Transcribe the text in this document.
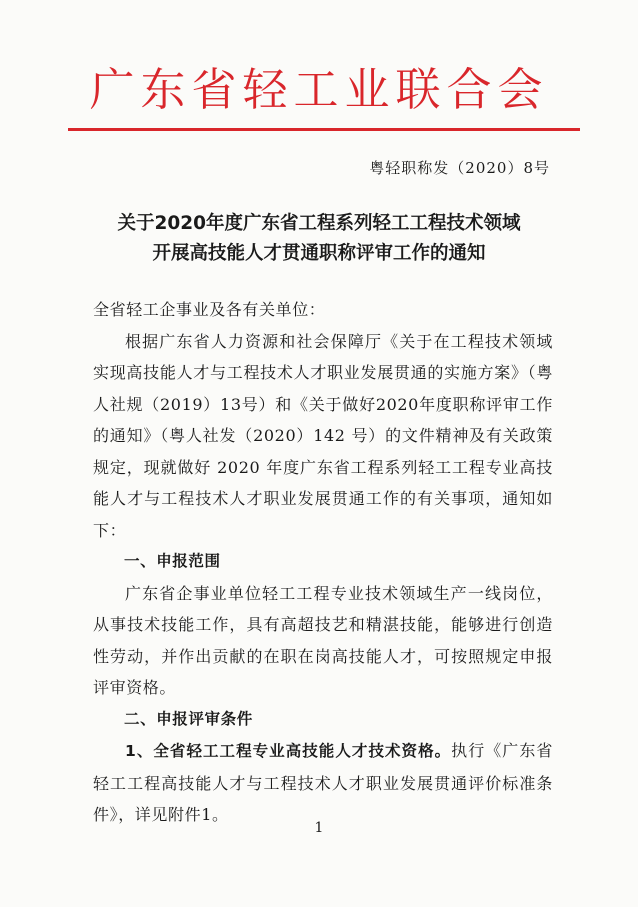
广东省轻工业联合会
粤轻职称发（2020）8号
关于2020年度广东省工程系列轻工工程技术领域
开展高技能人才贯通职称评审工作的通知

全省轻工企事业及各有关单位：

根据广东省人力资源和社会保障厅《关于在工程技术领域实现高技能人才与工程技术人才职业发展贯通的实施方案》（粤人社规（2019）13号）和《关于做好2020年度职称评审工作的通知》（粤人社发（2020）142 号）的文件精神及有关政策规定，现就做好 2020 年度广东省工程系列轻工工程专业高技能人才与工程技术人才职业发展贯通工作的有关事项，通知如下：

一、申报范围

广东省企事业单位轻工工程专业技术领域生产一线岗位，从事技术技能工作，具有高超技艺和精湛技能，能够进行创造性劳动，并作出贡献的在职在岗高技能人才，可按照规定申报评审资格。

二、申报评审条件

1、全省轻工工程专业高技能人才技术资格。执行《广东省轻工工程高技能人才与工程技术人才职业发展贯通评价标准条件》，详见附件1。

1
